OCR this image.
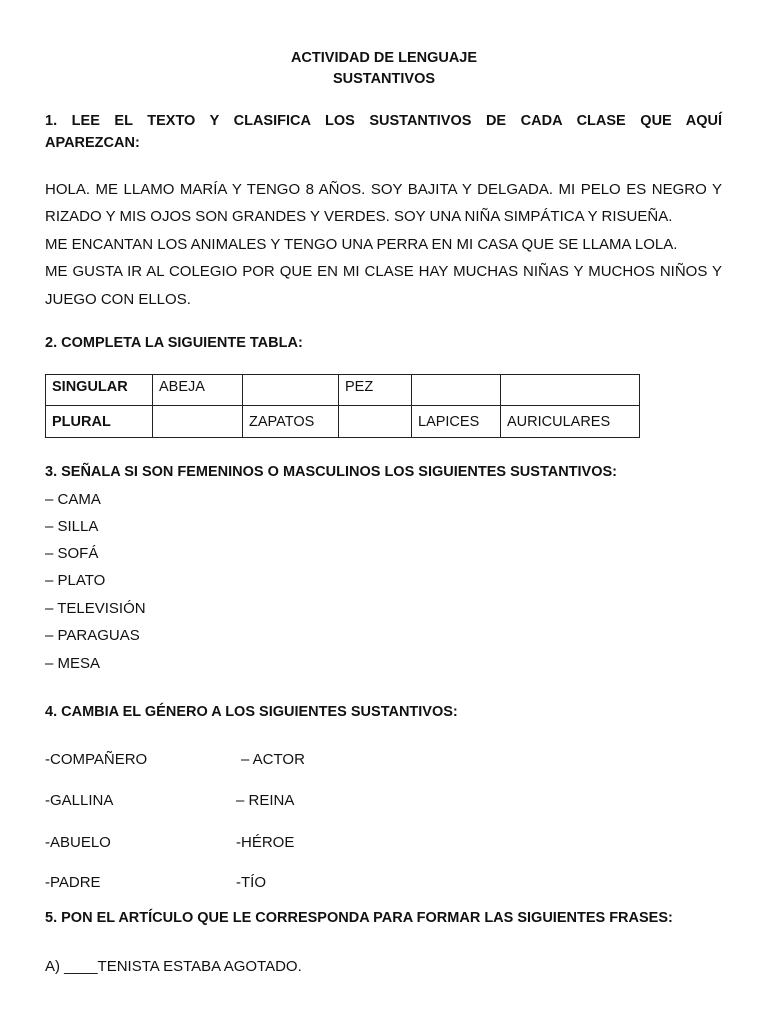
ACTIVIDAD DE LENGUAJE
SUSTANTIVOS
1. LEE EL TEXTO Y CLASIFICA LOS SUSTANTIVOS DE CADA CLASE QUE AQUÍ
APAREZCAN:
HOLA. ME LLAMO MARÍA Y TENGO 8 AÑOS. SOY BAJITA Y DELGADA. MI PELO ES NEGRO Y
RIZADO Y MIS OJOS SON GRANDES Y VERDES. SOY UNA NIÑA SIMPÁTICA Y RISUEÑA.
ME ENCANTAN LOS ANIMALES Y TENGO UNA PERRA EN MI CASA QUE SE LLAMA LOLA.
ME GUSTA IR AL COLEGIO POR QUE EN MI CLASE HAY MUCHAS NIÑAS Y MUCHOS NIÑOS Y
JUEGO CON ELLOS.
2. COMPLETA LA SIGUIENTE TABLA:
SINGULAR	ABEJA		PEZ		
PLURAL		ZAPATOS		LAPICES	AURICULARES
3. SEÑALA SI SON FEMENINOS O MASCULINOS LOS SIGUIENTES SUSTANTIVOS:
– CAMA
– SILLA
– SOFÁ
– PLATO
– TELEVISIÓN
– PARAGUAS
– MESA
4. CAMBIA EL GÉNERO A LOS SIGUIENTES SUSTANTIVOS:
-COMPAÑERO	– ACTOR
-GALLINA	– REINA
-ABUELO	-HÉROE
-PADRE	-TÍO
5. PON EL ARTÍCULO QUE LE CORRESPONDA PARA FORMAR LAS SIGUIENTES FRASES:
A) ____TENISTA ESTABA AGOTADO.
